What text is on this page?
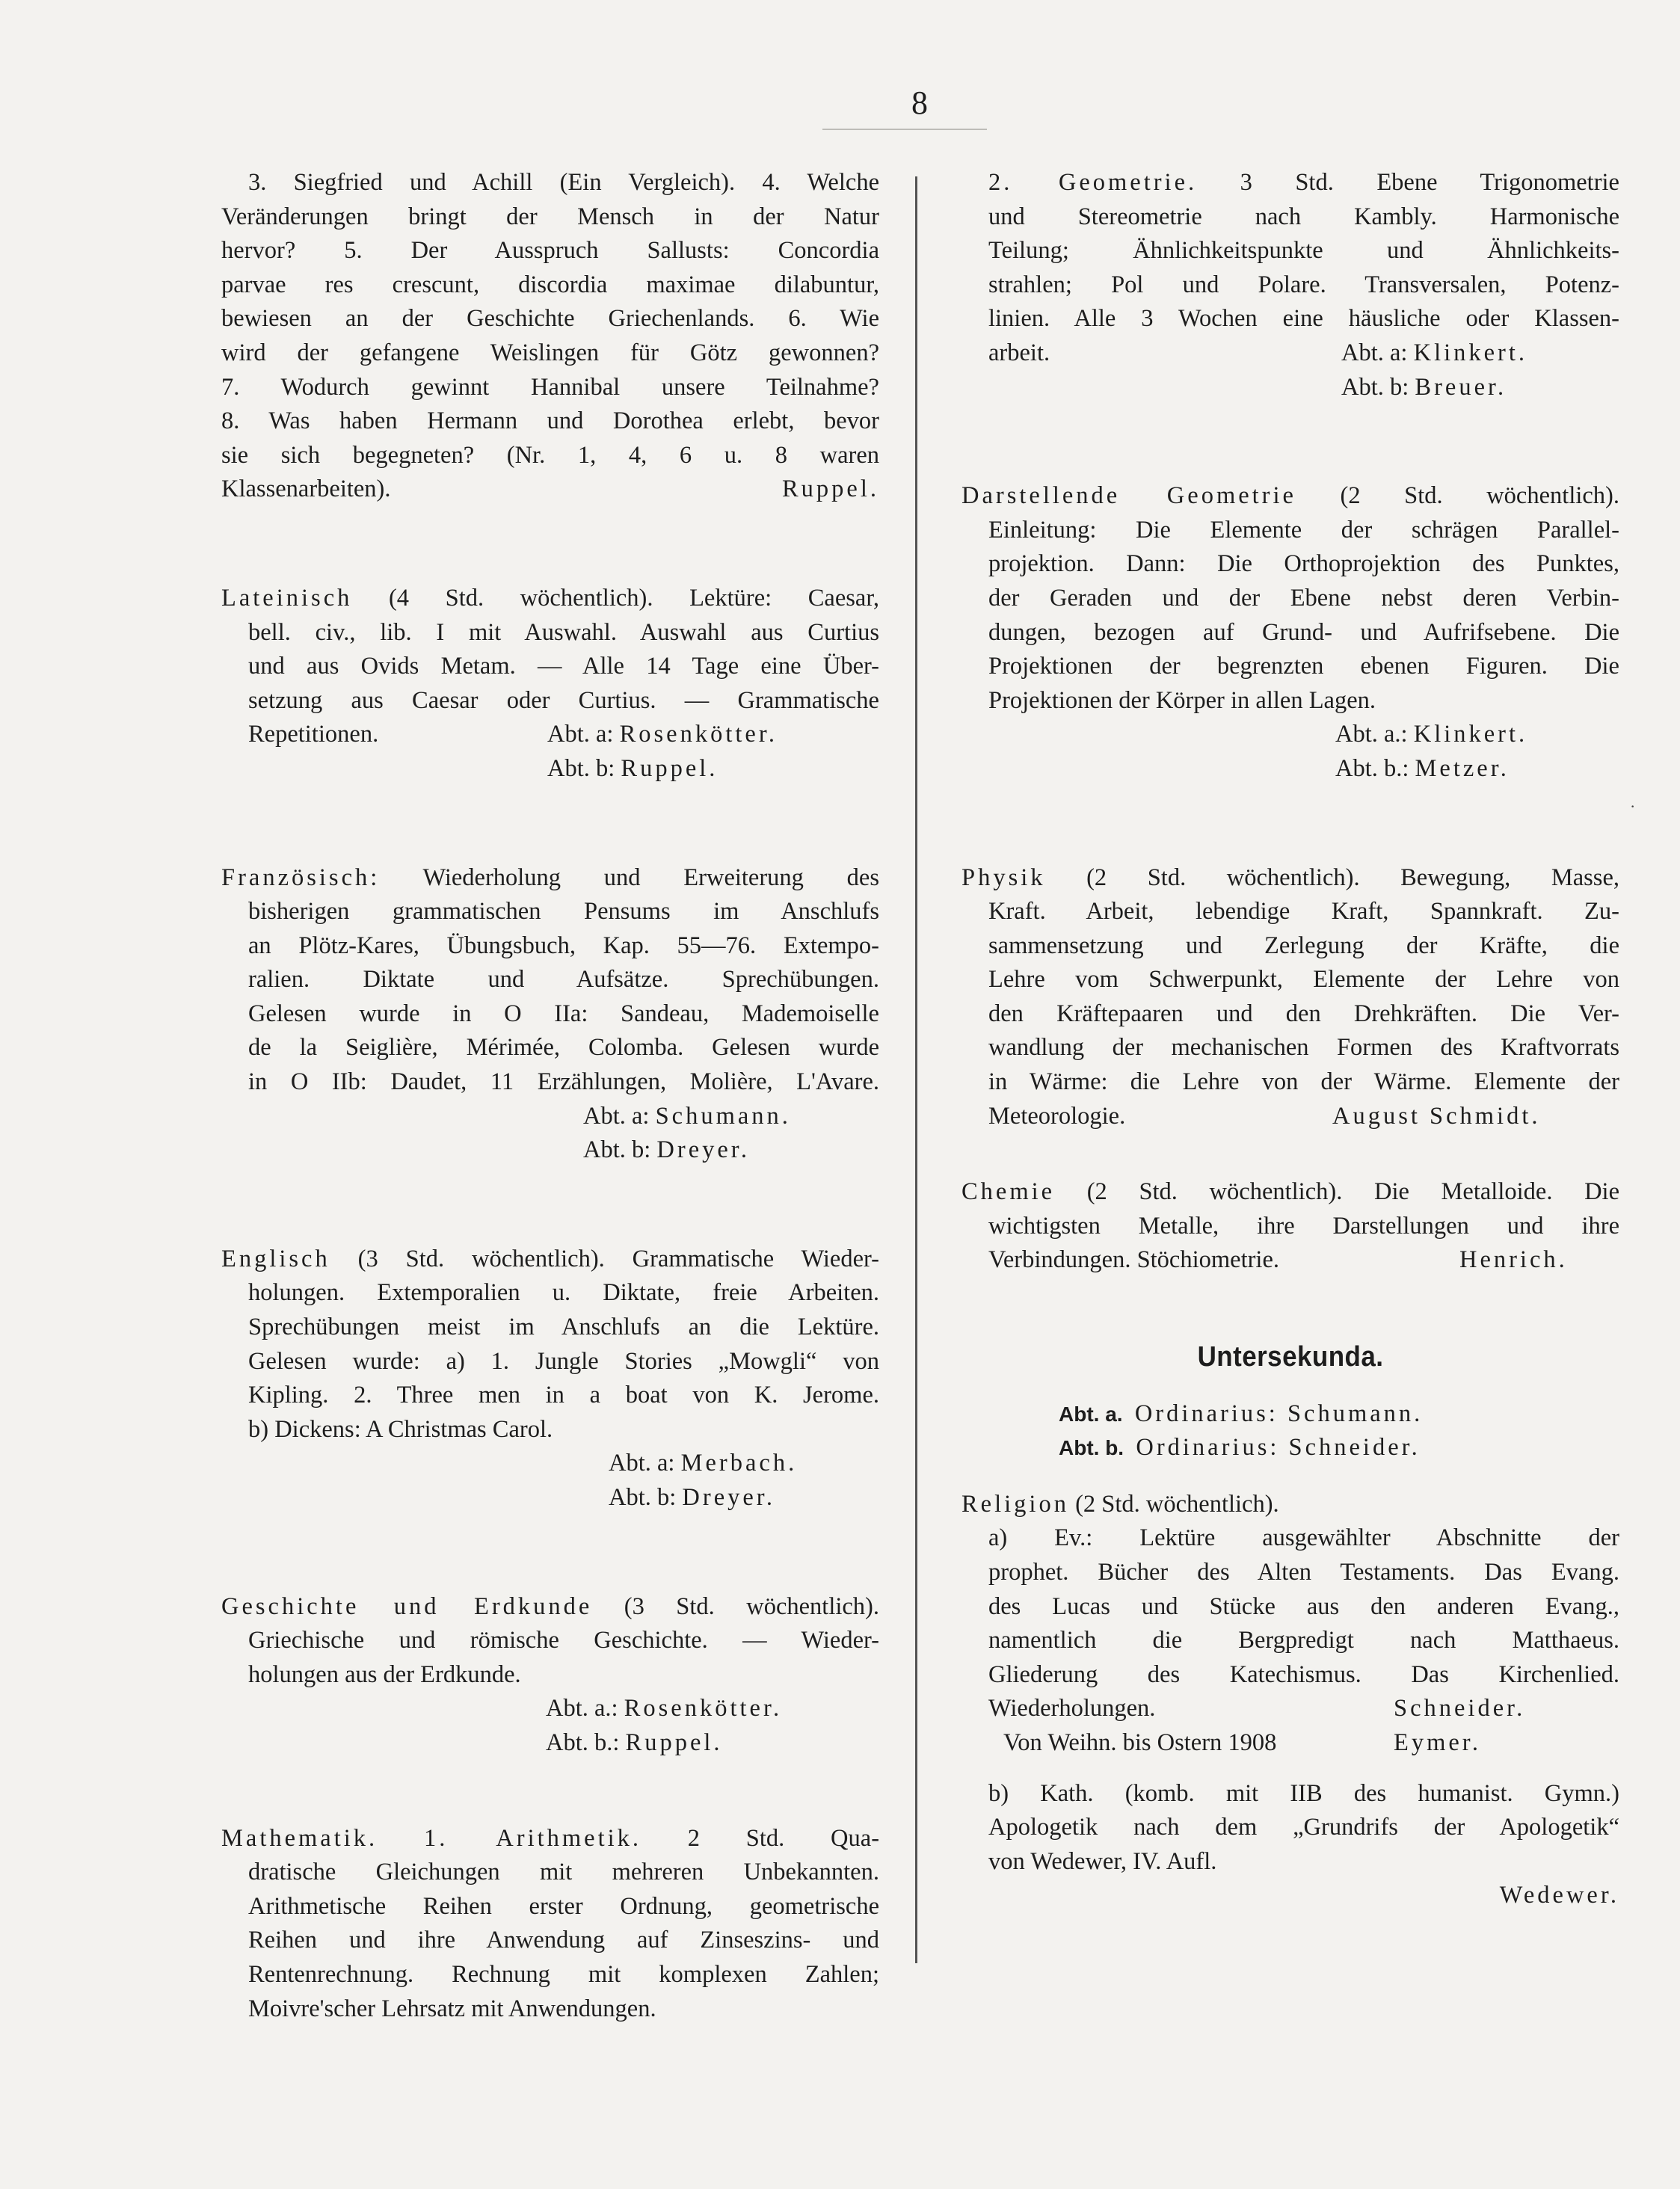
8
·
3. Siegfried und Achill (Ein Vergleich). 4. Welche
Veränderungen bringt der Mensch in der Natur
hervor? 5. Der Ausspruch Sallusts: Concordia
parvae res crescunt, discordia maximae dilabuntur,
bewiesen an der Geschichte Griechenlands. 6. Wie
wird der gefangene Weislingen für Götz gewonnen?
7. Wodurch gewinnt Hannibal unsere Teilnahme?
8. Was haben Hermann und Dorothea erlebt, bevor
sie sich begegneten? (Nr. 1, 4, 6 u. 8 waren
Klassenarbeiten).	Ruppel.
Lateinisch (4 Std. wöchentlich). Lektüre: Caesar,
bell. civ., lib. I mit Auswahl. Auswahl aus Curtius
und aus Ovids Metam. — Alle 14 Tage eine Über-
setzung aus Caesar oder Curtius. — Grammatische
Repetitionen.	Abt. a: Rosenkötter.
Abt. b: Ruppel.
Französisch: Wiederholung und Erweiterung des
bisherigen grammatischen Pensums im Anschlufs
an Plötz-Kares, Übungsbuch, Kap. 55—76. Extempo-
ralien. Diktate und Aufsätze. Sprechübungen.
Gelesen wurde in O IIa: Sandeau, Mademoiselle
de la Seiglière, Mérimée, Colomba. Gelesen wurde
in O IIb: Daudet, 11 Erzählungen, Molière, L'Avare.
Abt. a: Schumann.
Abt. b: Dreyer.
Englisch (3 Std. wöchentlich). Grammatische Wieder-
holungen. Extemporalien u. Diktate, freie Arbeiten.
Sprechübungen meist im Anschlufs an die Lektüre.
Gelesen wurde: a) 1. Jungle Stories „Mowgli“ von
Kipling. 2. Three men in a boat von K. Jerome.
b) Dickens: A Christmas Carol.
Abt. a: Merbach.
Abt. b: Dreyer.
Geschichte und Erdkunde (3 Std. wöchentlich).
Griechische und römische Geschichte. — Wieder-
holungen aus der Erdkunde.
Abt. a.: Rosenkötter.
Abt. b.: Ruppel.
Mathematik. 1. Arithmetik. 2 Std. Qua-
dratische Gleichungen mit mehreren Unbekannten.
Arithmetische Reihen erster Ordnung, geometrische
Reihen und ihre Anwendung auf Zinseszins- und
Rentenrechnung. Rechnung mit komplexen Zahlen;
Moivre'scher Lehrsatz mit Anwendungen.
2. Geometrie. 3 Std. Ebene Trigonometrie
und Stereometrie nach Kambly. Harmonische
Teilung; Ähnlichkeitspunkte und Ähnlichkeits-
strahlen; Pol und Polare. Transversalen, Potenz-
linien. Alle 3 Wochen eine häusliche oder Klassen-
arbeit.	Abt. a: Klinkert.
Abt. b: Breuer.
Darstellende Geometrie (2 Std. wöchentlich).
Einleitung: Die Elemente der schrägen Parallel-
projektion. Dann: Die Orthoprojektion des Punktes,
der Geraden und der Ebene nebst deren Verbin-
dungen, bezogen auf Grund- und Aufrifsebene. Die
Projektionen der begrenzten ebenen Figuren. Die
Projektionen der Körper in allen Lagen.
Abt. a.: Klinkert.
Abt. b.: Metzer.
Physik (2 Std. wöchentlich). Bewegung, Masse,
Kraft. Arbeit, lebendige Kraft, Spannkraft. Zu-
sammensetzung und Zerlegung der Kräfte, die
Lehre vom Schwerpunkt, Elemente der Lehre von
den Kräftepaaren und den Drehkräften. Die Ver-
wandlung der mechanischen Formen des Kraftvorrats
in Wärme: die Lehre von der Wärme. Elemente der
Meteorologie.	August Schmidt.
Chemie (2 Std. wöchentlich). Die Metalloide. Die
wichtigsten Metalle, ihre Darstellungen und ihre
Verbindungen. Stöchiometrie.	Henrich.
Untersekunda.
Abt. a. Ordinarius: Schumann.
Abt. b. Ordinarius: Schneider.
Religion (2 Std. wöchentlich).
a) Ev.: Lektüre ausgewählter Abschnitte der
prophet. Bücher des Alten Testaments. Das Evang.
des Lucas und Stücke aus den anderen Evang.,
namentlich die Bergpredigt nach Matthaeus.
Gliederung des Katechismus. Das Kirchenlied.
Wiederholungen.	Schneider.
Von Weihn. bis Ostern 1908	Eymer.
b) Kath. (komb. mit IIB des humanist. Gymn.)
Apologetik nach dem „Grundrifs der Apologetik“
von Wedewer, IV. Aufl.
Wedewer.
